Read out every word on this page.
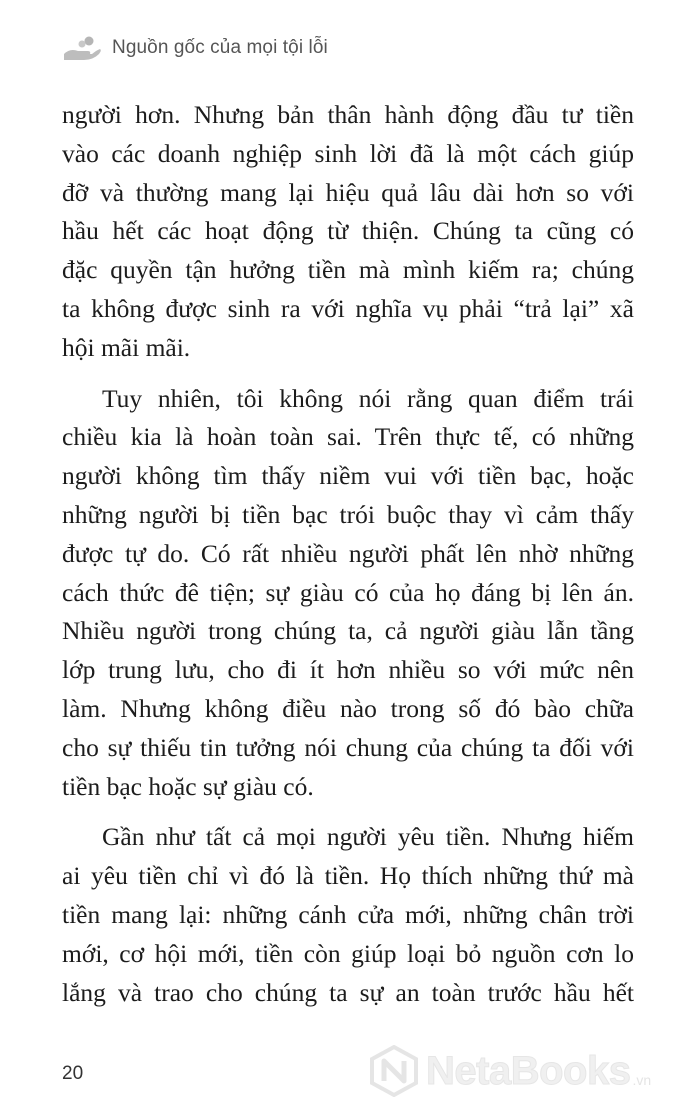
Nguồn gốc của mọi tội lỗi

người hơn. Nhưng bản thân hành động đầu tư tiền
vào các doanh nghiệp sinh lời đã là một cách giúp
đỡ và thường mang lại hiệu quả lâu dài hơn so với
hầu hết các hoạt động từ thiện. Chúng ta cũng có
đặc quyền tận hưởng tiền mà mình kiếm ra; chúng
ta không được sinh ra với nghĩa vụ phải “trả lại” xã
hội mãi mãi.

Tuy nhiên, tôi không nói rằng quan điểm trái
chiều kia là hoàn toàn sai. Trên thực tế, có những
người không tìm thấy niềm vui với tiền bạc, hoặc
những người bị tiền bạc trói buộc thay vì cảm thấy
được tự do. Có rất nhiều người phất lên nhờ những
cách thức đê tiện; sự giàu có của họ đáng bị lên án.
Nhiều người trong chúng ta, cả người giàu lẫn tầng
lớp trung lưu, cho đi ít hơn nhiều so với mức nên
làm. Nhưng không điều nào trong số đó bào chữa
cho sự thiếu tin tưởng nói chung của chúng ta đối với
tiền bạc hoặc sự giàu có.

Gần như tất cả mọi người yêu tiền. Nhưng hiếm
ai yêu tiền chỉ vì đó là tiền. Họ thích những thứ mà
tiền mang lại: những cánh cửa mới, những chân trời
mới, cơ hội mới, tiền còn giúp loại bỏ nguồn cơn lo
lắng và trao cho chúng ta sự an toàn trước hầu hết

20	NetaBooks .vn
